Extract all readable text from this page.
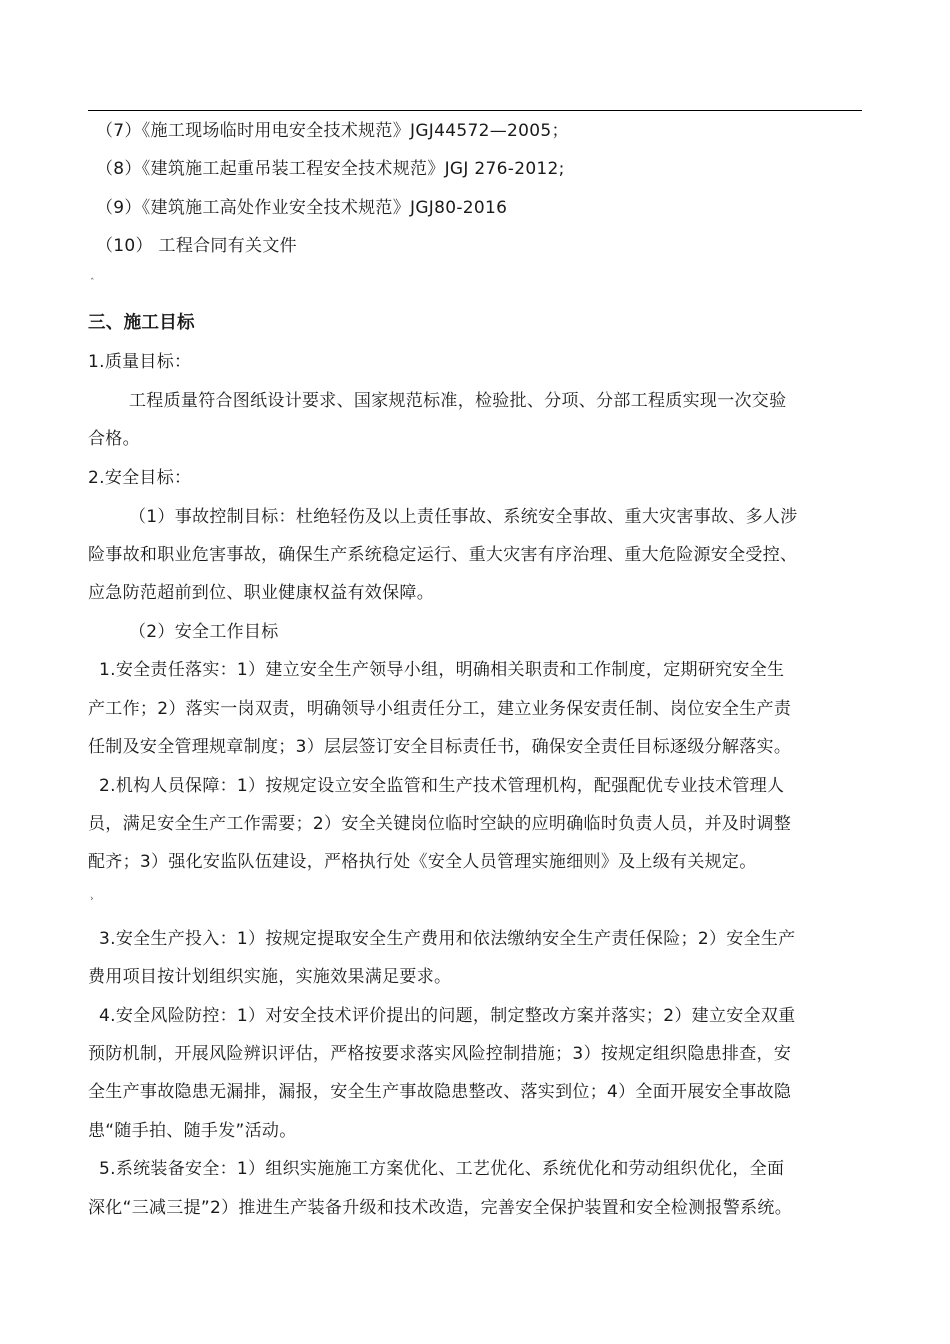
（7）《施工现场临时用电安全技术规范》JGJ44572—2005；
（8）《建筑施工起重吊装工程安全技术规范》JGJ 276-2012;
（9）《建筑施工高处作业安全技术规范》JGJ80-2016
（10） 工程合同有关文件
ˆ
三、施工目标
1.质量目标：
工程质量符合图纸设计要求、国家规范标准，检验批、分项、分部工程质实现一次交验
合格。
2.安全目标：
（1）事故控制目标：杜绝轻伤及以上责任事故、系统安全事故、重大灾害事故、多人涉
险事故和职业危害事故，确保生产系统稳定运行、重大灾害有序治理、重大危险源安全受控、
应急防范超前到位、职业健康权益有效保障。
（2）安全工作目标
1.安全责任落实：1）建立安全生产领导小组，明确相关职责和工作制度，定期研究安全生
产工作；2）落实一岗双责，明确领导小组责任分工，建立业务保安责任制、岗位安全生产责
任制及安全管理规章制度；3）层层签订安全目标责任书，确保安全责任目标逐级分解落实。
2.机构人员保障：1）按规定设立安全监管和生产技术管理机构，配强配优专业技术管理人
员，满足安全生产工作需要；2）安全关键岗位临时空缺的应明确临时负责人员，并及时调整
配齐；3）强化安监队伍建设，严格执行处《安全人员管理实施细则》及上级有关规定。
›
3.安全生产投入：1）按规定提取安全生产费用和依法缴纳安全生产责任保险；2）安全生产
费用项目按计划组织实施，实施效果满足要求。
4.安全风险防控：1）对安全技术评价提出的问题，制定整改方案并落实；2）建立安全双重
预防机制，开展风险辨识评估，严格按要求落实风险控制措施；3）按规定组织隐患排查，安
全生产事故隐患无漏排，漏报，安全生产事故隐患整改、落实到位；4）全面开展安全事故隐
患“随手拍、随手发”活动。
5.系统装备安全：1）组织实施施工方案优化、工艺优化、系统优化和劳动组织优化，全面
深化“三减三提”2）推进生产装备升级和技术改造，完善安全保护装置和安全检测报警系统。
